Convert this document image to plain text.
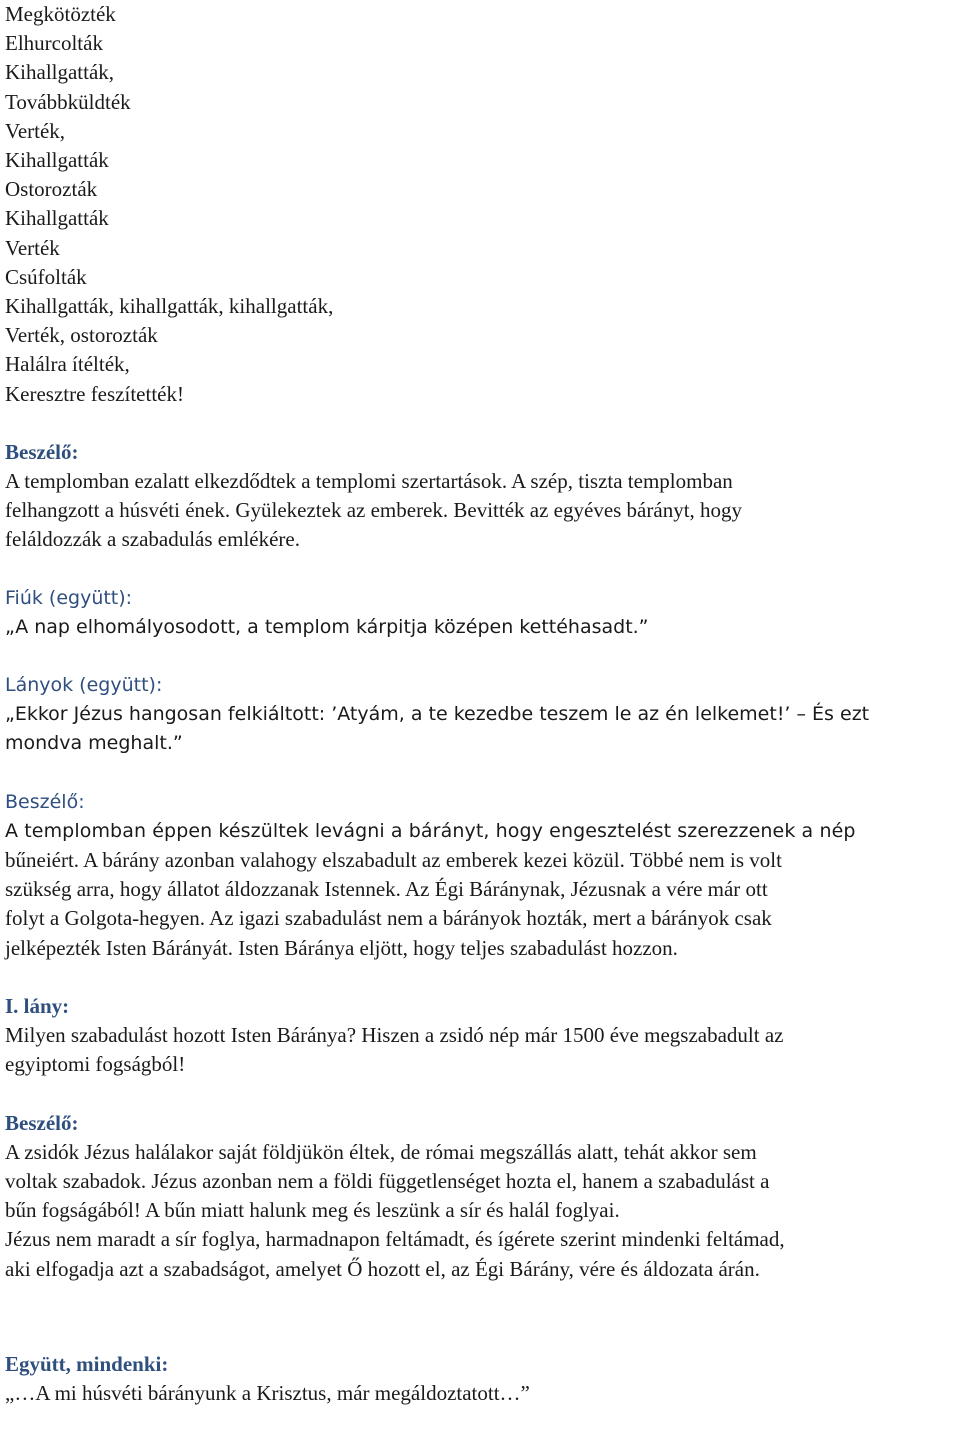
Megkötözték
Elhurcolták
Kihallgatták,
Továbbküldték
Verték,
Kihallgatták
Ostorozták
Kihallgatták
Verték
Csúfolták
Kihallgatták, kihallgatták, kihallgatták,
Verték, ostorozták
Halálra ítélték,
Keresztre feszítették!
Beszélő:
A templomban ezalatt elkezdődtek a templomi szertartások. A szép, tiszta templomban
felhangzott a húsvéti ének. Gyülekeztek az emberek. Bevitték az egyéves bárányt, hogy
feláldozzák a szabadulás emlékére.
Fiúk (együtt):
„A nap elhomályosodott, a templom kárpitja középen kettéhasadt.”
Lányok (együtt):
„Ekkor Jézus hangosan felkiáltott: ’Atyám, a te kezedbe teszem le az én lelkemet!’ – És ezt
mondva meghalt.”
Beszélő:
A templomban éppen készültek levágni a bárányt, hogy engesztelést szerezzenek a nép
bűneiért. A bárány azonban valahogy elszabadult az emberek kezei közül. Többé nem is volt
szükség arra, hogy állatot áldozzanak Istennek. Az Égi Báránynak, Jézusnak a vére már ott
folyt a Golgota-hegyen. Az igazi szabadulást nem a bárányok hozták, mert a bárányok csak
jelképezték Isten Bárányát. Isten Báránya eljött, hogy teljes szabadulást hozzon.
I. lány:
Milyen szabadulást hozott Isten Báránya? Hiszen a zsidó nép már 1500 éve megszabadult az
egyiptomi fogságból!
Beszélő:
A zsidók Jézus halálakor saját földjükön éltek, de római megszállás alatt, tehát akkor sem
voltak szabadok. Jézus azonban nem a földi függetlenséget hozta el, hanem a szabadulást a
bűn fogságából! A bűn miatt halunk meg és leszünk a sír és halál foglyai.
Jézus nem maradt a sír foglya, harmadnapon feltámadt, és ígérete szerint mindenki feltámad,
aki elfogadja azt a szabadságot, amelyet Ő hozott el, az Égi Bárány, vére és áldozata árán.
Együtt, mindenki:
„…A mi húsvéti bárányunk a Krisztus, már megáldoztatott…”
